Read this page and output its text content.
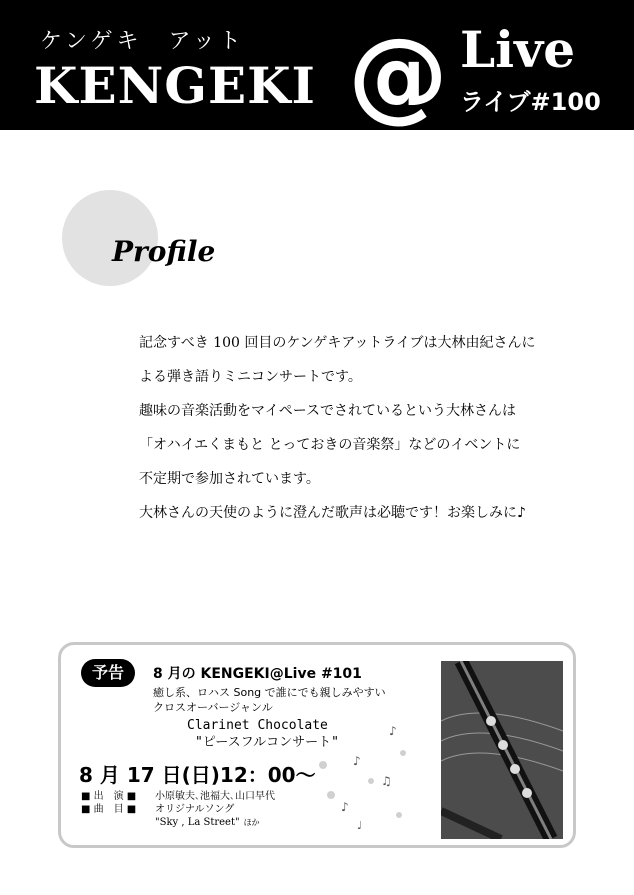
ケンゲキ　アット
KENGEKI @ Live
ライブ#100
Profile
記念すべき 100 回目のケンゲキアットライブは大林由紀さんに
よる弾き語りミニコンサートです。
趣味の音楽活動をマイペースでされているという大林さんは
「オハイエくまもと とっておきの音楽祭」などのイベントに
不定期で参加されています。
大林さんの天使のように澄んだ歌声は必聴です！お楽しみに♪
予告	8 月の KENGEKI@Live #101
癒し系、ロハス Song で誰にでも親しみやすい
クロスオーバージャンル
Clarinet Chocolate
"ピースフルコンサート"
8 月 17 日(日)12：00～
■ 出　演 ■	小原敏夫､池福大､山口早代
■ 曲　目 ■	オリジナルソング
"Sky , La Street" ほか
♪
♪
♫
♪
♩
